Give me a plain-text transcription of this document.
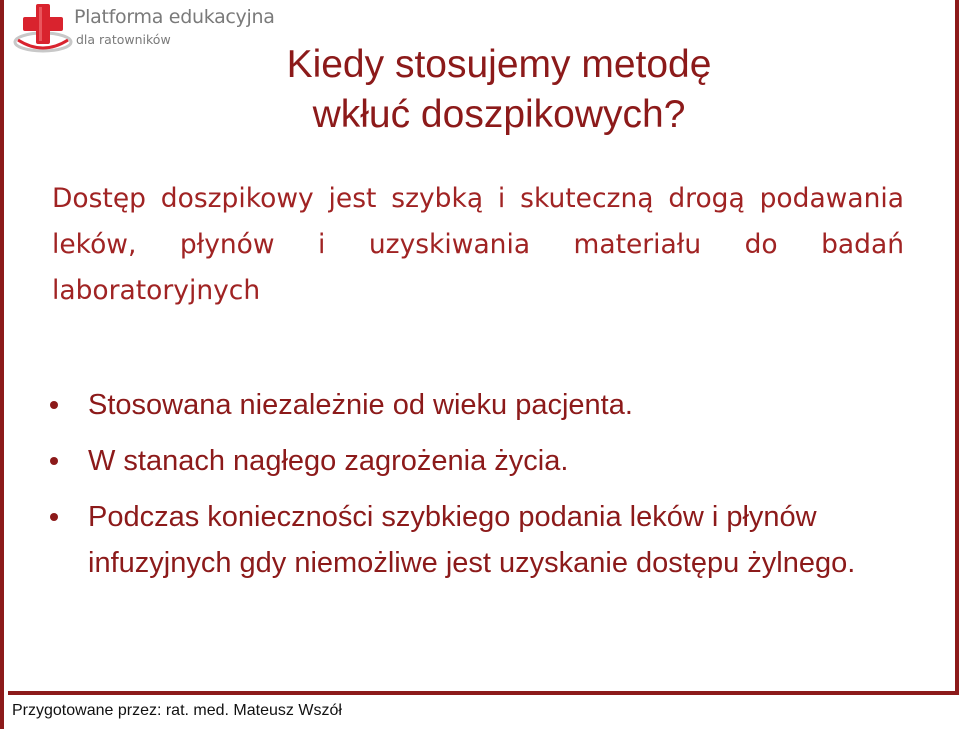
Platforma edukacyjna
dla ratowników
Kiedy stosujemy metodę
wkłuć doszpikowych?

Dostęp doszpikowy jest szybką i skuteczną drogą podawania leków, płynów i uzyskiwania materiału do badań laboratoryjnych

Stosowana niezależnie od wieku pacjenta.
W stanach nagłego zagrożenia życia.
Podczas konieczności szybkiego podania leków i płynów infuzyjnych gdy niemożliwe jest uzyskanie dostępu żylnego.
Przygotowane przez: rat. med. Mateusz Wszół
